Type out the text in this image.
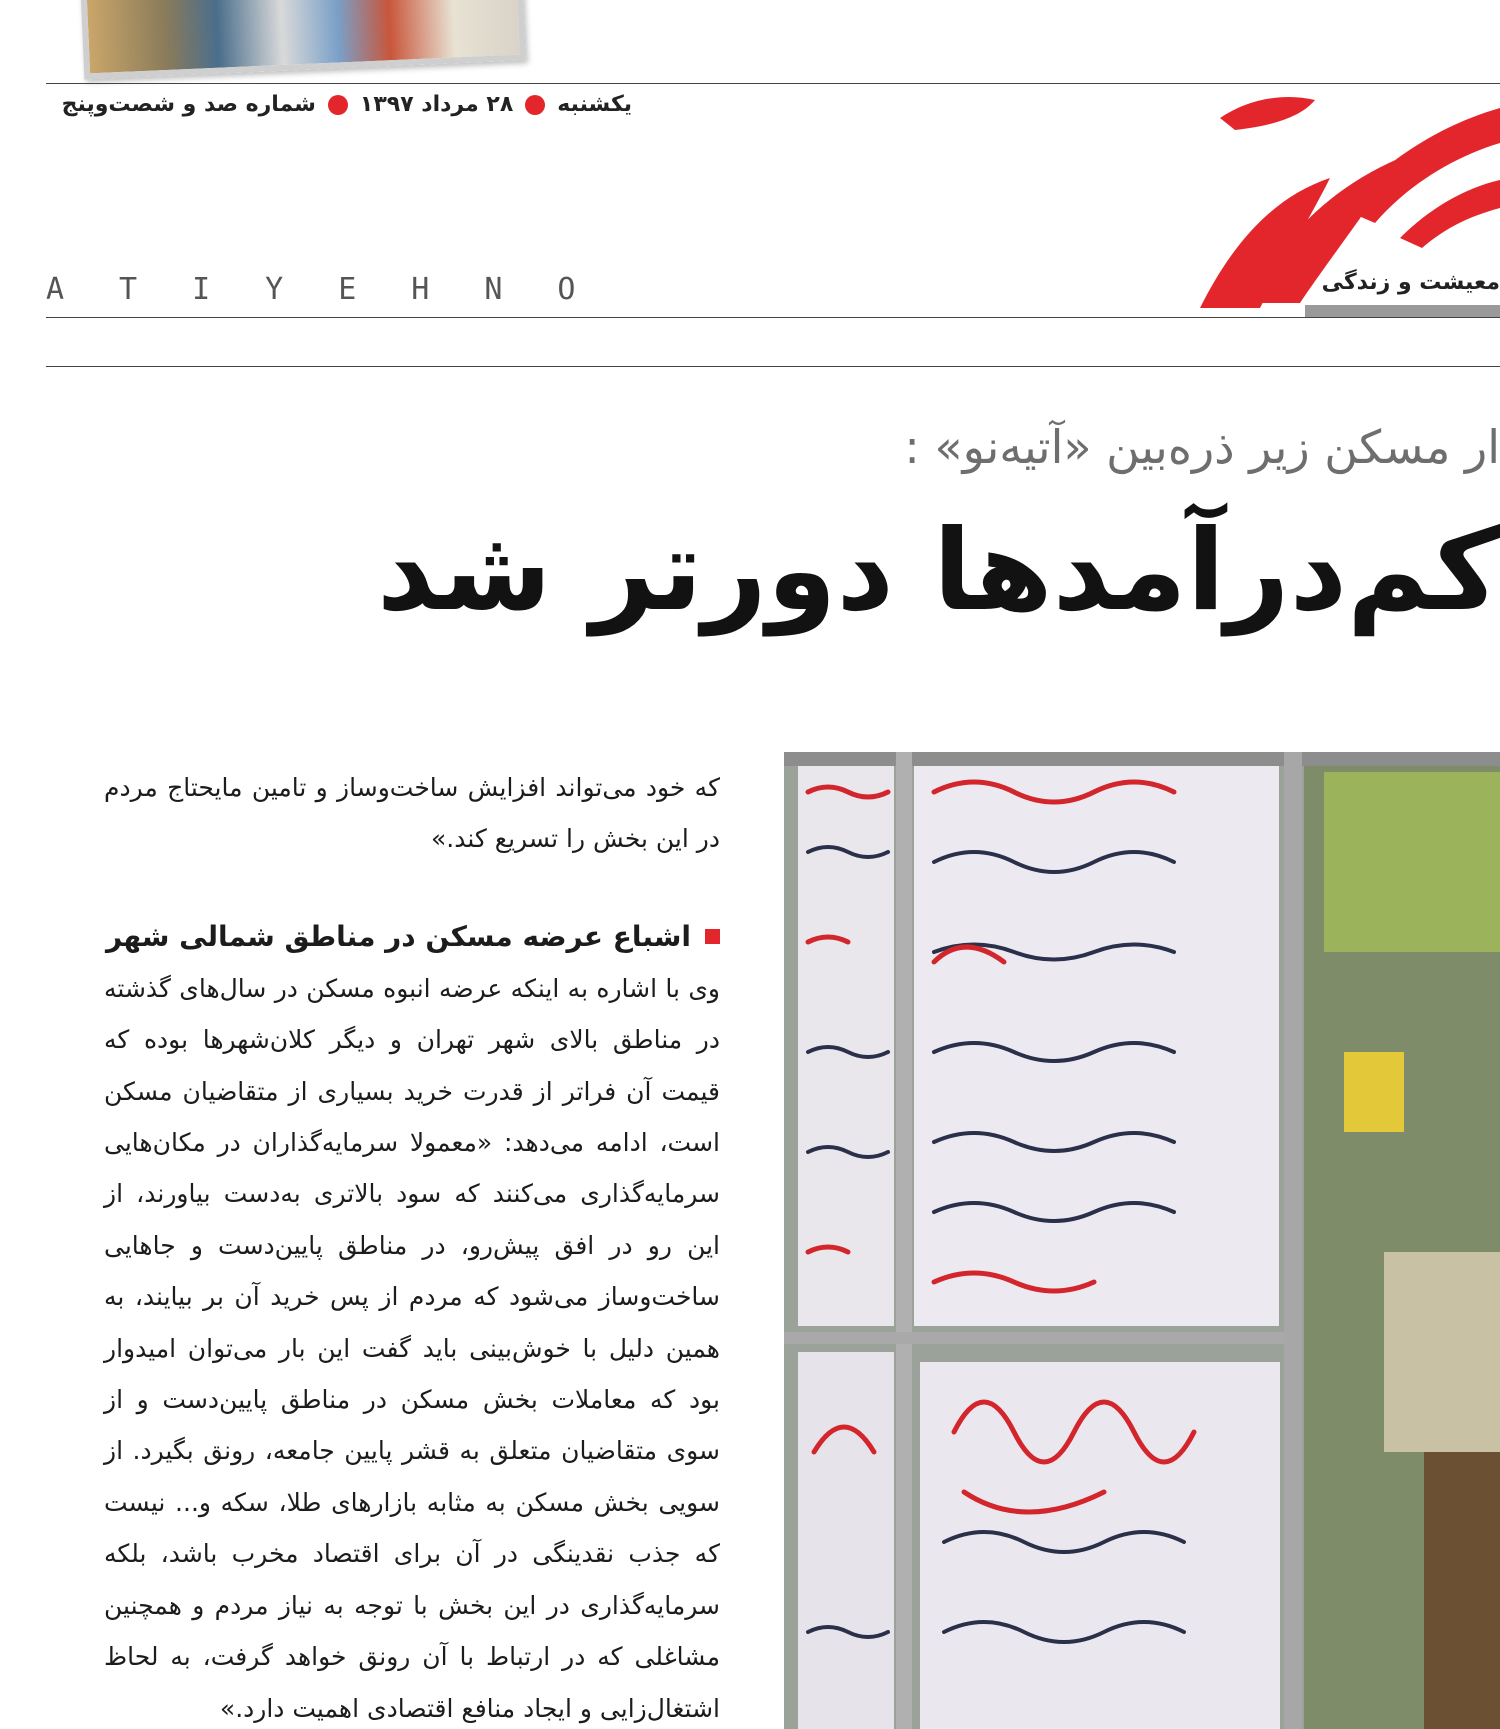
یکشنبه
۲۸ مرداد ۱۳۹۷
شماره صد و شصت‌وپنج
معیشت و زندگی
ATIYEHNO
ار مسکن زیر ذره‌بین «آتیه‌نو» :
کم‌درآمدها دورتر شد

که خود می‌تواند افزایش ساخت‌وساز و تامین مایحتاج مردم در این بخش را تسریع کند.»

اشباع عرضه مسکن در مناطق شمالی شهر

وی با اشاره به اینکه عرضه انبوه مسکن در سال‌های گذشته در مناطق بالای شهر تهران و دیگر کلان‌شهرها بوده که قیمت آن فراتر از قدرت خرید بسیاری از متقاضیان مسکن است، ادامه می‌دهد: «معمولا سرمایه‌گذاران در مکان‌هایی سرمایه‌گذاری می‌کنند که سود بالاتری به‌دست بیاورند، از این رو در افق پیش‌رو، در مناطق پایین‌دست و جاهایی ساخت‌وساز می‌شود که مردم از پس خرید آن بر بیایند، به همین دلیل با خوش‌بینی باید گفت این بار می‌توان امیدوار بود که معاملات بخش مسکن در مناطق پایین‌دست و از سوی متقاضیان متعلق به قشر پایین جامعه، رونق بگیرد. از سویی بخش مسکن به مثابه بازارهای طلا، سکه و... نیست که جذب نقدینگی در آن برای اقتصاد مخرب باشد، بلکه سرمایه‌گذاری در این بخش با توجه به نیاز مردم و همچنین مشاغلی که در ارتباط با آن رونق خواهد گرفت، به لحاظ اشتغال‌زایی و ایجاد منافع اقتصادی اهمیت دارد.»
